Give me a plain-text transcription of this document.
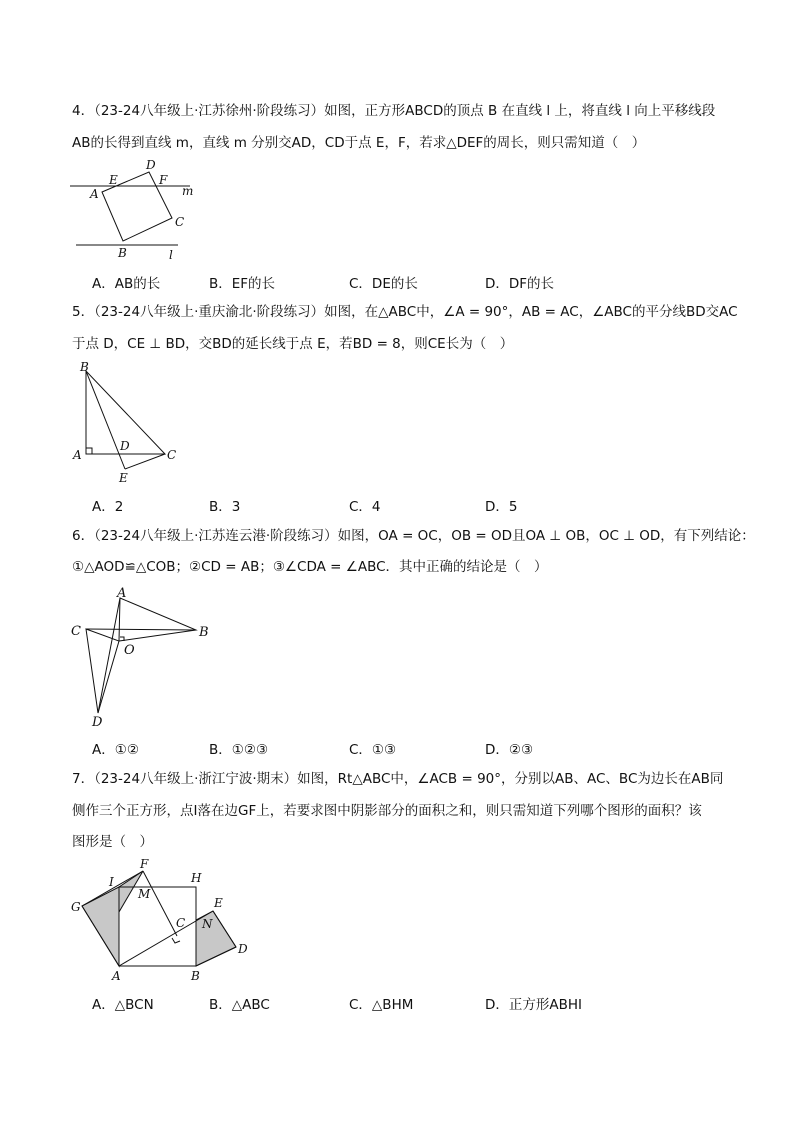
4．（23-24八年级上·江苏徐州·阶段练习）如图，正方形ABCD的顶点 B 在直线 l 上，将直线 l 向上平移线段
AB的长得到直线 m，直线 m 分别交AD，CD于点 E，F，若求△DEF的周长，则只需知道（　）
D
E	F
m
A
C
B	l
A．AB的长	B．EF的长	C．DE的长	D．DF的长
5．（23-24八年级上·重庆渝北·阶段练习）如图，在△ABC中，∠A = 90°，AB = AC，∠ABC的平分线BD交AC
于点 D，CE ⊥ BD，交BD的延长线于点 E，若BD = 8，则CE长为（　）
B
D
A	C
E
A．2	B．3	C．4	D．5
6．（23-24八年级上·江苏连云港·阶段练习）如图，OA = OC，OB = OD且OA ⊥ OB，OC ⊥ OD，有下列结论：
①△AOD≌△COB；②CD = AB；③∠CDA = ∠ABC．其中正确的结论是（　）
A
C	B
O
D
A．①②	B．①②③	C．①③	D．②③
7．（23-24八年级上·浙江宁波·期末）如图，Rt△ABC中，∠ACB = 90°，分别以AB、AC、BC为边长在AB同
侧作三个正方形，点I落在边GF上，若要求图中阴影部分的面积之和，则只需知道下列哪个图形的面积？该
图形是（　）
F
H
I
M
G	E
C N
D
A	B
A．△BCN	B．△ABC	C．△BHM	D．正方形ABHI
